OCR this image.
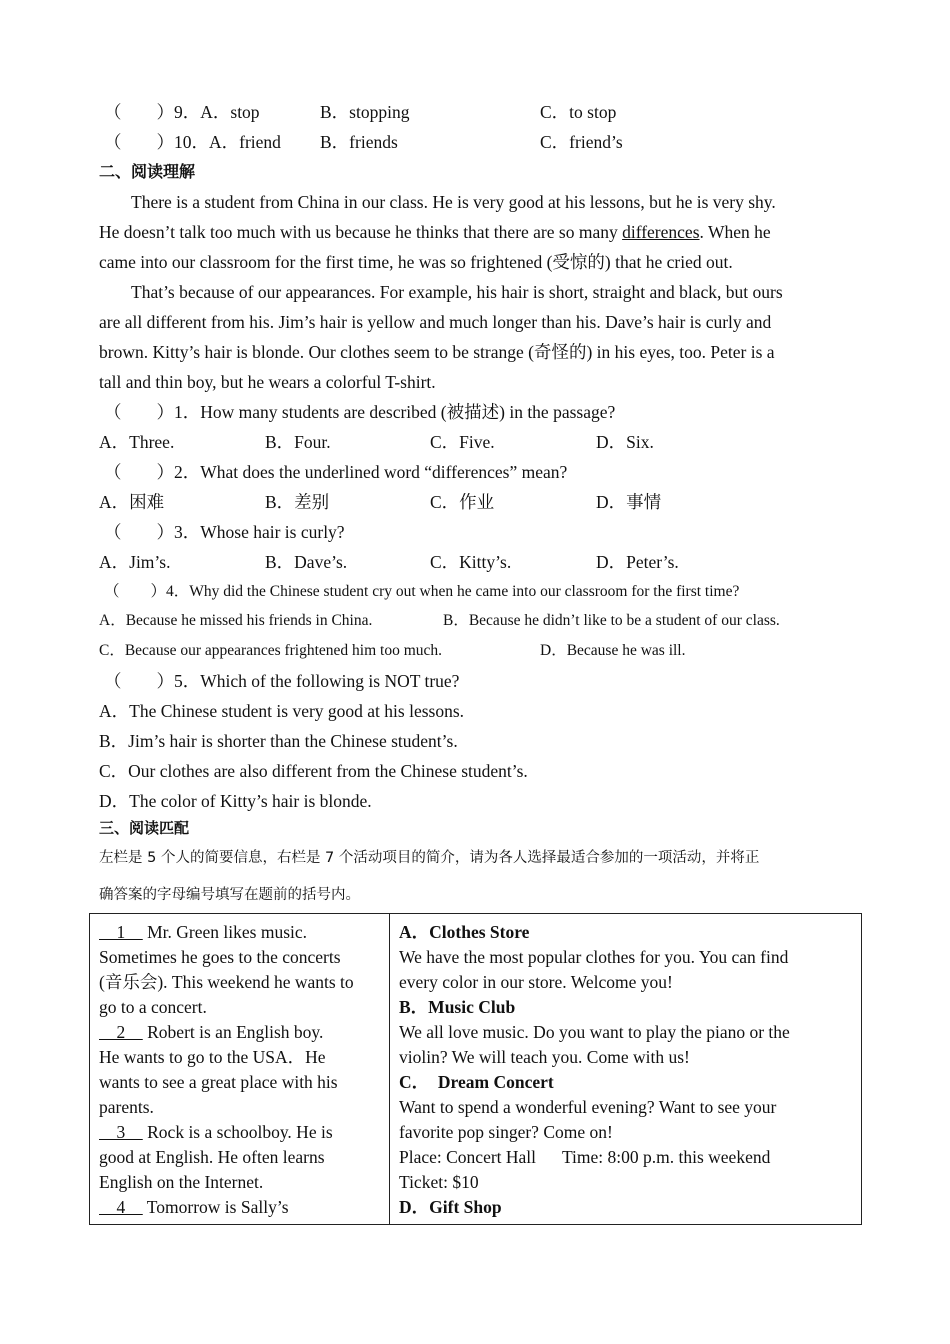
（　　）9．A．stop	B．stopping	C．to stop
（　　）10．A．friend B．friends	C．friend’s
二、阅读理解
There is a student from China in our class. He is very good at his lessons, but he is very shy.
He doesn’t talk too much with us because he thinks that there are so many differences. When he
came into our classroom for the first time, he was so frightened (受惊的) that he cried out.
That’s because of our appearances. For example, his hair is short, straight and black, but ours
are all different from his. Jim’s hair is yellow and much longer than his. Dave’s hair is curly and
brown. Kitty’s hair is blonde. Our clothes seem to be strange (奇怪的) in his eyes, too. Peter is a
tall and thin boy, but he wears a colorful T-shirt.
（　　）1．How many students are described (被描述) in the passage?
A．Three.	B．Four.	C．Five.	D．Six.
（　　）2．What does the underlined word “differences” mean?
A．困难	B．差别	C．作业	D．事情
（　　）3．Whose hair is curly?
A．Jim’s.	B．Dave’s.	C．Kitty’s.	D．Peter’s.
（　　）4．Why did the Chinese student cry out when he came into our classroom for the first time?
A．Because he missed his friends in China.	B．Because he didn’t like to be a student of our class.
C．Because our appearances frightened him too much.	D．Because he was ill.
（　　）5．Which of the following is NOT true?
A．The Chinese student is very good at his lessons.
B．Jim’s hair is shorter than the Chinese student’s.
C．Our clothes are also different from the Chinese student’s.
D．The color of Kitty’s hair is blonde.
三、阅读匹配
左栏是 5 个人的简要信息，右栏是 7 个活动项目的简介，请为各人选择最适合参加的一项活动，并将正
确答案的字母编号填写在题前的括号内。
1     Mr. Green likes music.
Sometimes he goes to the concerts
(音乐会). This weekend he wants to
go to a concert.
2     Robert is an English boy.
He wants to go to the USA．He
wants to see a great place with his
parents.
3     Rock is a schoolboy. He is
good at English. He often learns
English on the Internet.
4     Tomorrow is Sally’s

A．Clothes Store
We have the most popular clothes for you. You can find
every color in our store. Welcome you!
B．Music Club
We all love music. Do you want to play the piano or the
violin? We will teach you. Come with us!
C．  Dream Concert
Want to spend a wonderful evening? Want to see your
favorite pop singer? Come on!
Place: Concert Hall      Time: 8:00 p.m. this weekend
Ticket: $10
D．Gift Shop
